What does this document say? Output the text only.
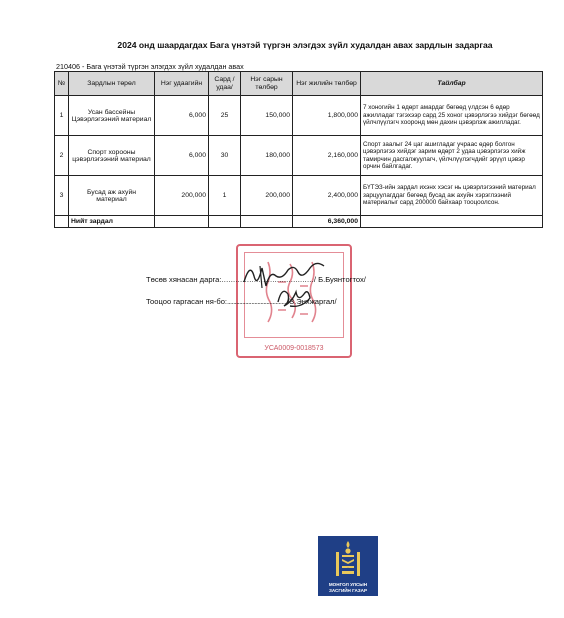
2024 онд шаардагдах Бага үнэтэй түргэн элэгдэх зүйл худалдан авах зардлын задаргаа
210406 - Бага үнэтэй түргэн элэгдэх зүйл худалдан авах
№	Зардлын төрөл	Нэг удаагийн	Сард /удаа/	Нэг сарын төлбөр	Нэг жилийн төлбөр	Тайлбар
1	Усан бассейны Цэвэрлэгээний материал	6,000	25	150,000	1,800,000	7 хоногийн 1 өдөрт амардаг бөгөөд үлдсэн 6 өдөр ажилладаг тэгэхээр сард 25 хоног цэвэрлэгээ хийдэг бөгөөд үйлчлүүлэгч хооронд мөн дахин цэвэрлэж ажилладаг.
2	Спорт хорооны цэвэрлэгээний материал	6,000	30	180,000	2,160,000	Спорт заалыг 24 цаг ашигладаг учраас өдөр болгон цэвэрлэгээ хийдэг зарим өдөрт 2 удаа цэвэрлэгээ хийж тамирчин дасгалжуулагч, үйлчлүүлэгчдийг эрүүл цэвэр орчин байлгадаг.
3	Бусад аж ахуйн материал	200,000	1	200,000	2,400,000	БҮТЭЗ-ийн зардал ихэнх хэсэг нь цэвэрлэгээний материал зарцуулагддаг бөгөөд бусад аж ахуйн хэрэглээний материалыг сард 200000 байхаар тооцоолсон.
	Нийт зардал				6,360,000	
УСА0009-0018573
Төсөв хянасан дарга:......................................../ Б.Буянтогтох/
Тооцоо гаргасан ня-бо:......................................../З.Энхжаргал/
МОНГОЛ УЛСЫН
ЗАСГИЙН ГАЗАР
